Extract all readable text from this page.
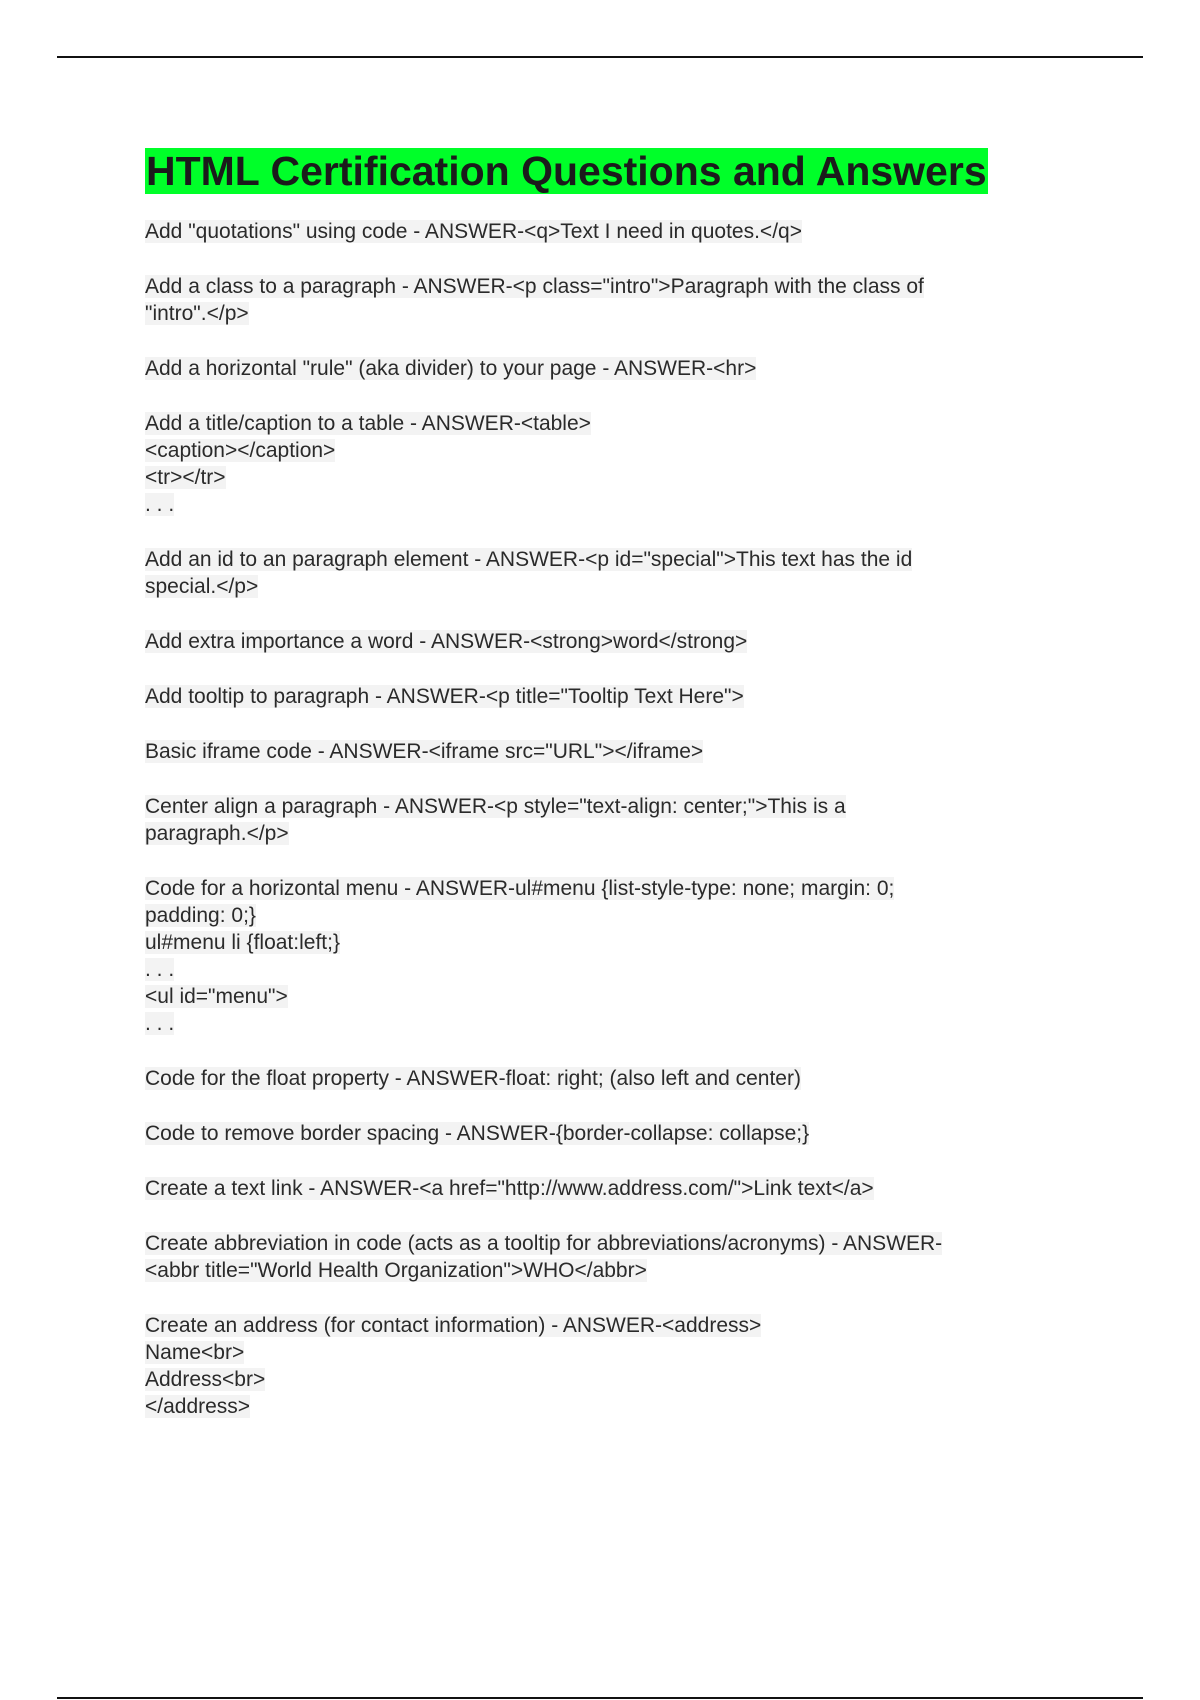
HTML Certification Questions and Answers
Add "quotations" using code - ANSWER-<q>Text I need in quotes.</q>
Add a class to a paragraph - ANSWER-<p class="intro">Paragraph with the class of
"intro".</p>
Add a horizontal "rule" (aka divider) to your page - ANSWER-<hr>
Add a title/caption to a table - ANSWER-<table>
<caption></caption>
<tr></tr>
. . .
Add an id to an paragraph element - ANSWER-<p id="special">This text has the id
special.</p>
Add extra importance a word - ANSWER-<strong>word</strong>
Add tooltip to paragraph - ANSWER-<p title="Tooltip Text Here">
Basic iframe code - ANSWER-<iframe src="URL"></iframe>
Center align a paragraph - ANSWER-<p style="text-align: center;">This is a
paragraph.</p>
Code for a horizontal menu - ANSWER-ul#menu {list-style-type: none; margin: 0;
padding: 0;}
ul#menu li {float:left;}
. . .
<ul id="menu">
. . .
Code for the float property - ANSWER-float: right; (also left and center)
Code to remove border spacing - ANSWER-{border-collapse: collapse;}
Create a text link - ANSWER-<a href="http://www.address.com/">Link text</a>
Create abbreviation in code (acts as a tooltip for abbreviations/acronyms) - ANSWER-
<abbr title="World Health Organization">WHO</abbr>
Create an address (for contact information) - ANSWER-<address>
Name<br>
Address<br>
</address>
